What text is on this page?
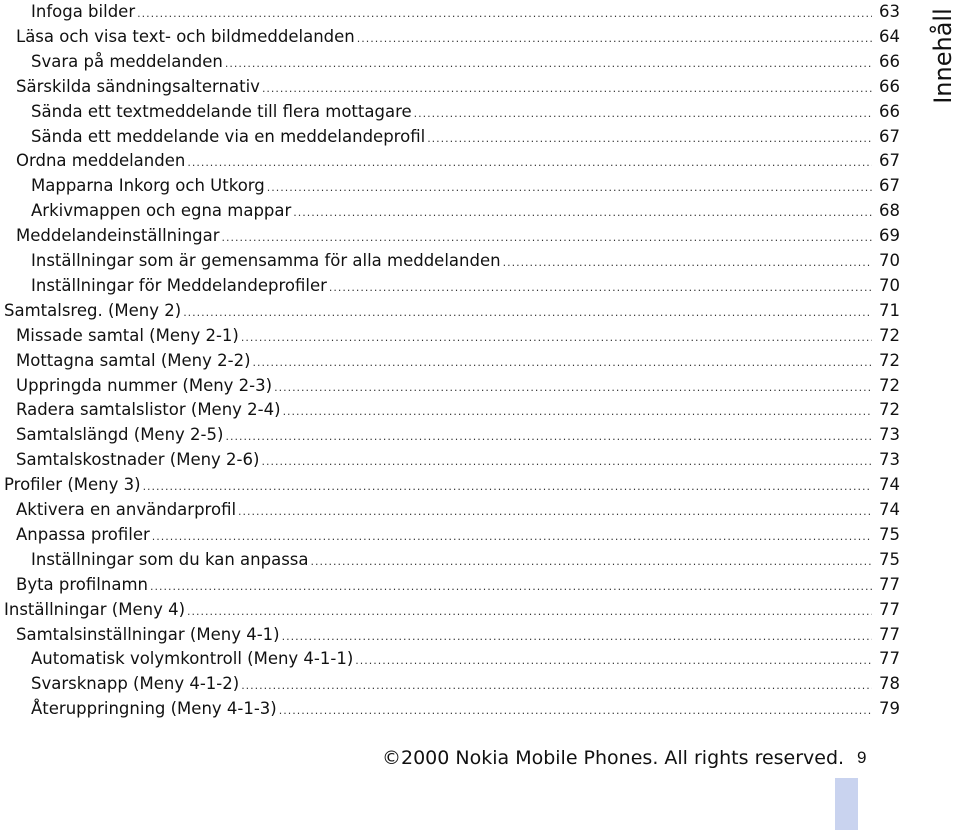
Infoga bilder .....	63
Läsa och visa text- och bildmeddelanden .....	64
Svara på meddelanden .....	66
Särskilda sändningsalternativ .....	66
Sända ett textmeddelande till flera mottagare .....	66
Sända ett meddelande via en meddelandeprofil .....	67
Ordna meddelanden .....	67
Mapparna Inkorg och Utkorg .....	67
Arkivmappen och egna mappar .....	68
Meddelandeinställningar .....	69
Inställningar som är gemensamma för alla meddelanden .....	70
Inställningar för Meddelandeprofiler .....	70
Samtalsreg. (Meny 2) .....	71
Missade samtal (Meny 2-1) .....	72
Mottagna samtal (Meny 2-2) .....	72
Uppringda nummer (Meny 2-3) .....	72
Radera samtalslistor (Meny 2-4) .....	72
Samtalslängd (Meny 2-5) .....	73
Samtalskostnader (Meny 2-6) .....	73
Profiler (Meny 3) .....	74
Aktivera en användarprofil .....	74
Anpassa profiler .....	75
Inställningar som du kan anpassa .....	75
Byta profilnamn .....	77
Inställningar (Meny 4) .....	77
Samtalsinställningar (Meny 4-1) .....	77
Automatisk volymkontroll (Meny 4-1-1) .....	77
Svarsknapp (Meny 4-1-2) .....	78
Återuppringning (Meny 4-1-3) .....	79
Innehåll
©2000 Nokia Mobile Phones. All rights reserved. 9
